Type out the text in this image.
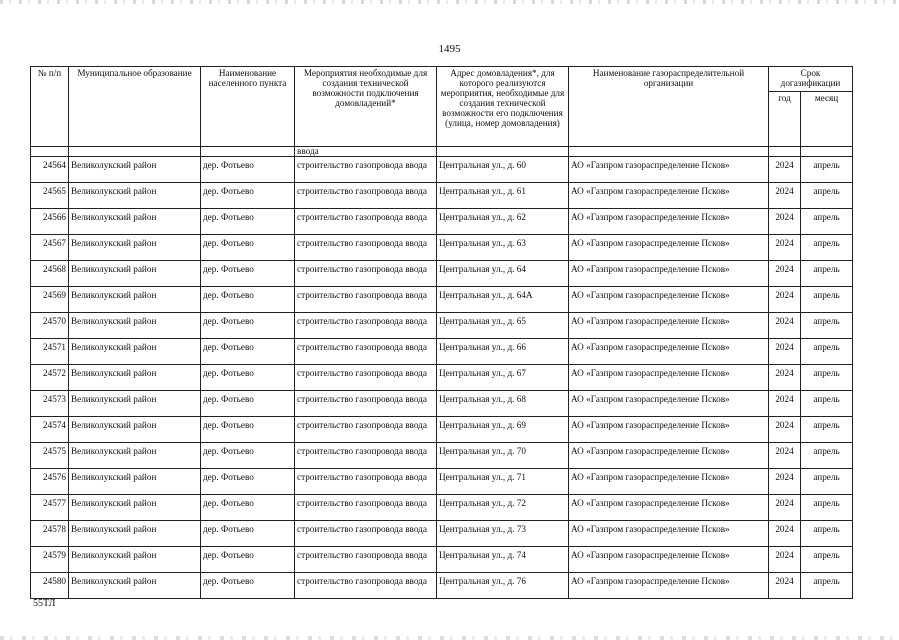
1495
№ п/п	Муниципальное образование	Наименование населенного пункта	Мероприятия необходимые для создания технической возможности подключения домовладений*	Адрес домовладения*, для которого реализуются мероприятия, необходимые для создания технической возможности его подключения (улица, номер домовладения)	Наименование газораспределительной организации	Срок догазификации	
						год	месяц
			ввода				
24564	Великолукский район	дер. Фотьево	строительство газопровода ввода	Центральная ул., д. 60	АО «Газпром газораспределение Псков»	2024	апрель
24565	Великолукский район	дер. Фотьево	строительство газопровода ввода	Центральная ул., д. 61	АО «Газпром газораспределение Псков»	2024	апрель
24566	Великолукский район	дер. Фотьево	строительство газопровода ввода	Центральная ул., д. 62	АО «Газпром газораспределение Псков»	2024	апрель
24567	Великолукский район	дер. Фотьево	строительство газопровода ввода	Центральная ул., д. 63	АО «Газпром газораспределение Псков»	2024	апрель
24568	Великолукский район	дер. Фотьево	строительство газопровода ввода	Центральная ул., д. 64	АО «Газпром газораспределение Псков»	2024	апрель
24569	Великолукский район	дер. Фотьево	строительство газопровода ввода	Центральная ул., д. 64А	АО «Газпром газораспределение Псков»	2024	апрель
24570	Великолукский район	дер. Фотьево	строительство газопровода ввода	Центральная ул., д. 65	АО «Газпром газораспределение Псков»	2024	апрель
24571	Великолукский район	дер. Фотьево	строительство газопровода ввода	Центральная ул., д. 66	АО «Газпром газораспределение Псков»	2024	апрель
24572	Великолукский район	дер. Фотьево	строительство газопровода ввода	Центральная ул., д. 67	АО «Газпром газораспределение Псков»	2024	апрель
24573	Великолукский район	дер. Фотьево	строительство газопровода ввода	Центральная ул., д. 68	АО «Газпром газораспределение Псков»	2024	апрель
24574	Великолукский район	дер. Фотьево	строительство газопровода ввода	Центральная ул., д. 69	АО «Газпром газораспределение Псков»	2024	апрель
24575	Великолукский район	дер. Фотьево	строительство газопровода ввода	Центральная ул., д. 70	АО «Газпром газораспределение Псков»	2024	апрель
24576	Великолукский район	дер. Фотьево	строительство газопровода ввода	Центральная ул., д. 71	АО «Газпром газораспределение Псков»	2024	апрель
24577	Великолукский район	дер. Фотьево	строительство газопровода ввода	Центральная ул., д. 72	АО «Газпром газораспределение Псков»	2024	апрель
24578	Великолукский район	дер. Фотьево	строительство газопровода ввода	Центральная ул., д. 73	АО «Газпром газораспределение Псков»	2024	апрель
24579	Великолукский район	дер. Фотьево	строительство газопровода ввода	Центральная ул., д. 74	АО «Газпром газораспределение Псков»	2024	апрель
24580	Великолукский район	дер. Фотьево	строительство газопровода ввода	Центральная ул., д. 76	АО «Газпром газораспределение Псков»	2024	апрель
55ТЛ
